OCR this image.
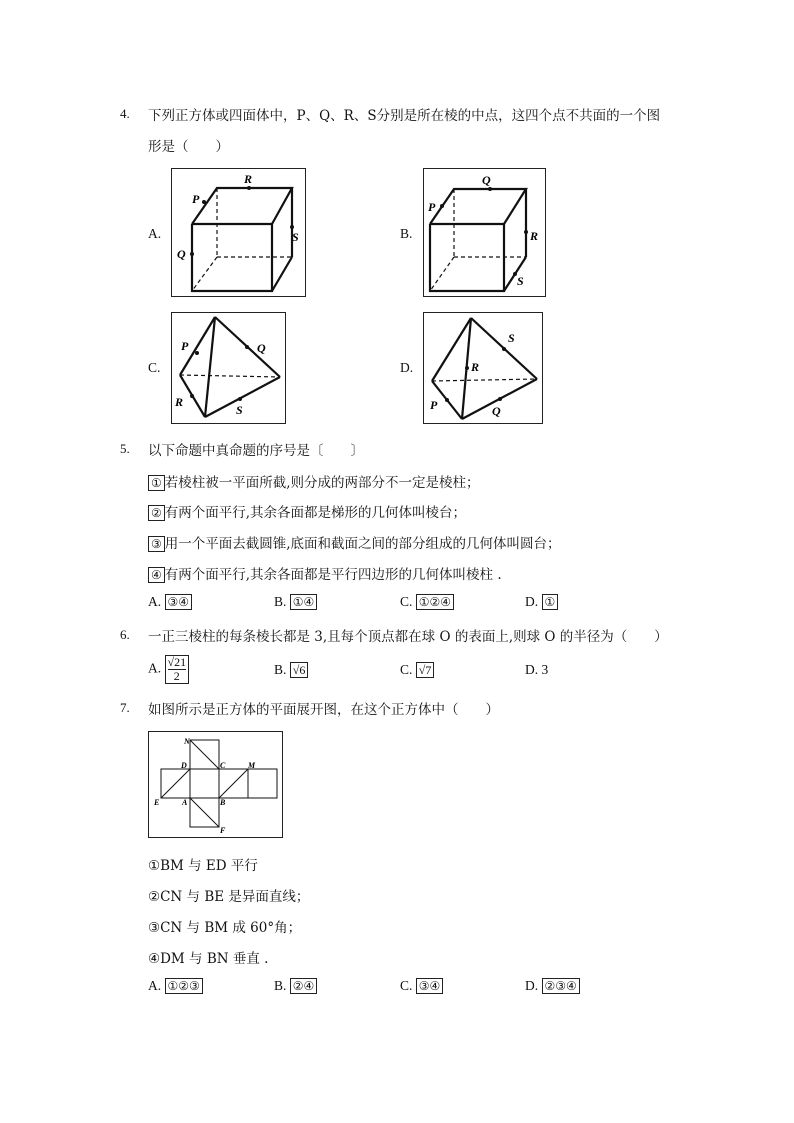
4. 下列正方体或四面体中，P、Q、R、S分别是所在棱的中点，这四个点不共面的一个图
形是（　　）
A.
R
P
Q
S	B.
Q
P
R
S
C.
P	Q
R
S
D.
S
R
P	Q
5. 以下命题中真命题的序号是〔　　〕
① 若棱柱被一平面所截,则分成的两部分不一定是棱柱；
② 有两个面平行,其余各面都是梯形的几何体叫棱台；
③ 用一个平面去截圆锥,底面和截面之间的部分组成的几何体叫圆台；
④ 有两个面平行,其余各面都是平行四边形的几何体叫棱柱 .
A. ③④	B. ①④	C. ①②④	D. ①
6. 一正三棱柱的每条棱长都是 3,且每个顶点都在球 O 的表面上,则球 O 的半径为（　　）
A. $\frac{√21}{2}$	B. √6	C. √7	D. 3
7. 如图所示是正方体的平面展开图，在这个正方体中（　　）
N
D	C	M
E	A	B
F
①BM 与 ED 平行
②CN 与 BE 是异面直线；
③CN 与 BM 成 60°角；
④DM 与 BN 垂直 .
A. ①②③	B. ②④	C. ③④	D. ②③④
